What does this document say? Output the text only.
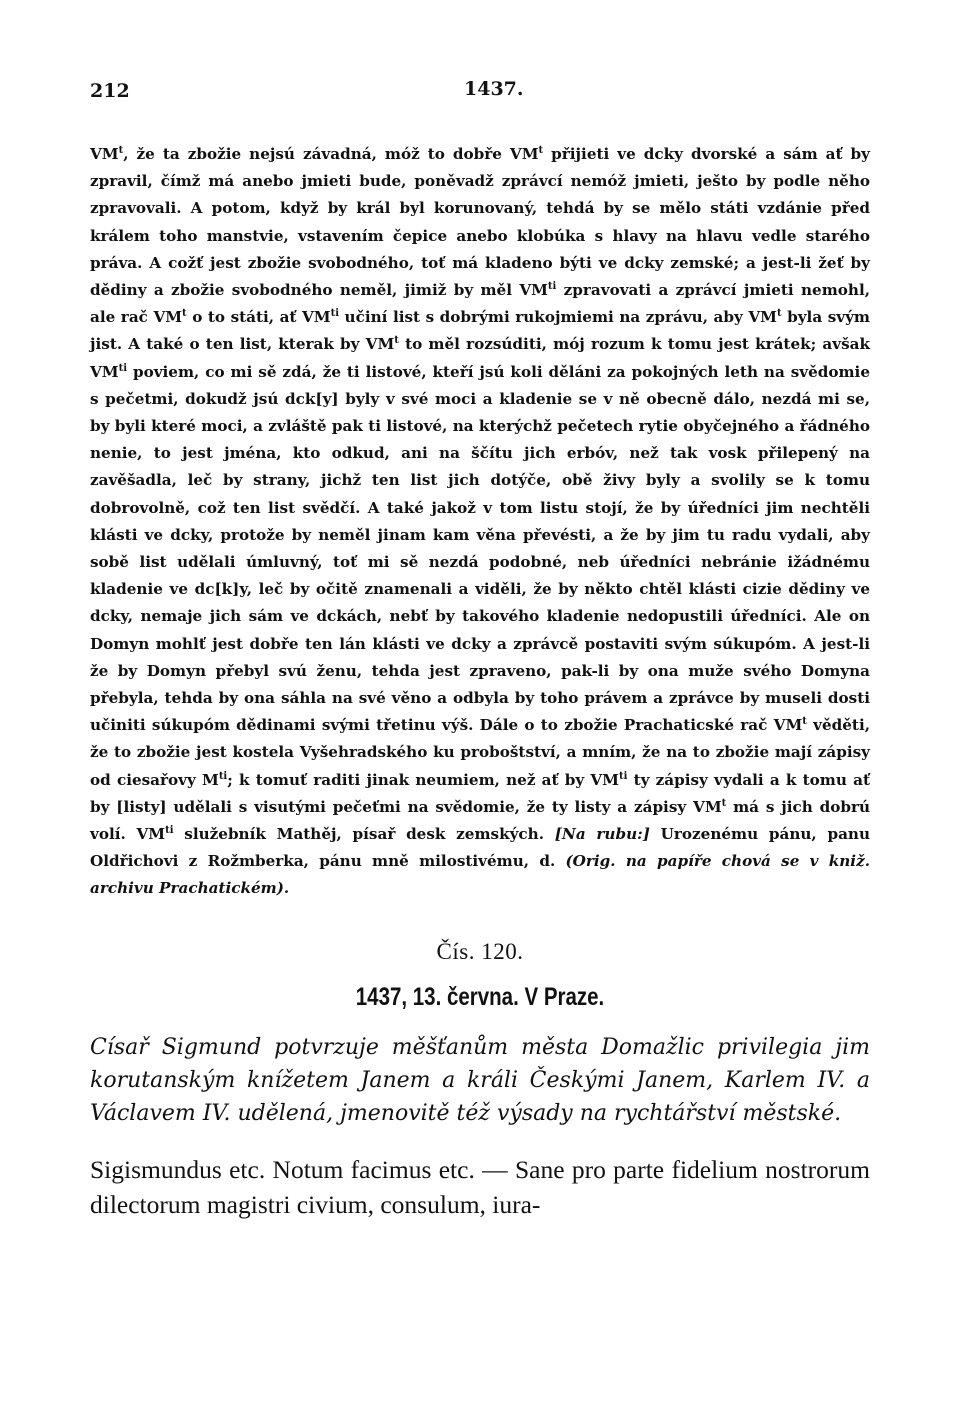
212	1437.
$VM^t$, že ta zbožie nejsú závadná, móž to dobře $VM^t$ přijieti ve dcky dvorské a sám ať by zpravil, čímž má anebo jmieti bude, poněvadž zprávcí nemóž jmieti, ješto by podle něho zpravovali. A potom, když by král byl korunovaný, tehdá by se mělo státi vzdánie před králem toho manstvie, vstavením čepice anebo klobúka s hlavy na hlavu vedle starého práva. A cožť jest zbožie svobodného, toť má kladeno býti ve dcky zemské; a jest-li žeť by dědiny a zbožie svobodného neměl, jimiž by měl $VM^{ti}$ zpravovati a zprávcí jmieti nemohl, ale rač $VM^t$ o to státi, ať $VM^{ti}$ učiní list s dobrými rukojmiemi na zprávu, aby $VM^t$ byla svým jist. A také o ten list, kterak by $VM^t$ to měl rozsúditi, mój rozum k tomu jest krátek; avšak $VM^{ti}$ poviem, co mi sě zdá, že ti listové, kteří jsú koli děláni za pokojných leth na svědomie s pečetmi, dokudž jsú dck[y] byly v své moci a kladenie se v ně obecně dálo, nezdá mi se, by byli které moci, a zvláště pak ti listové, na kterýchž pečetech rytie obyčejného a řádného nenie, to jest jména, kto odkud, ani na ščítu jich erbóv, než tak vosk přilepený na zavěšadla, leč by strany, jichž ten list jich dotýče, obě živy byly a svolily se k tomu dobrovolně, což ten list svědčí. A také jakož v tom listu stojí, že by úředníci jim nechtěli klásti ve dcky, protože by neměl jinam kam věna převésti, a že by jim tu radu vydali, aby sobě list udělali úmluvný, toť mi sě nezdá podobné, neb úředníci nebránie ižádnému kladenie ve dc[k]y, leč by očitě znamenali a viděli, že by někto chtěl klásti cizie dědiny ve dcky, nemaje jich sám ve dckách, nebť by takového kladenie nedopustili úředníci. Ale on Domyn mohlť jest dobře ten lán klásti ve dcky a zprávcě postaviti svým súkupóm. A jest-li že by Domyn přebyl svú ženu, tehda jest zpraveno, pak-li by ona muže svého Domyna přebyla, tehda by ona sáhla na své věno a odbyla by toho právem a zprávce by museli dosti učiniti súkupóm dědinami svými třetinu výš. Dále o to zbožie Prachaticské rač $VM^t$ věděti, že to zbožie jest kostela Vyšehradského ku proboštství, a mním, že na to zbožie mají zápisy od ciesařovy $M^{ti}$; k tomuť raditi jinak neumiem, než ať by $VM^{ti}$ ty zápisy vydali a k tomu ať by [listy] udělali s visutými pečeťmi na svědomie, že ty listy a zápisy $VM^t$ má s jich dobrú volí. $VM^{ti}$ služebník Mathěj, písař desk zemských. [Na rubu:] Urozenému pánu, panu Oldřichovi z Rožmberka, pánu mně milostivému, d. (Orig. na papíře chová se v kniž. archivu Prachatickém).
Čís. 120.
1437, 13. června. V Praze.
Císař Sigmund potvrzuje měšťanům města Domažlic privilegia jim korutanským knížetem Janem a králi Českými Janem, Karlem IV. a Václavem IV. udělená, jmenovitě též výsady na rychtářství městské.
Sigismundus etc. Notum facimus etc. — Sane pro parte fidelium nostrorum dilectorum magistri civium, consulum, iura-
